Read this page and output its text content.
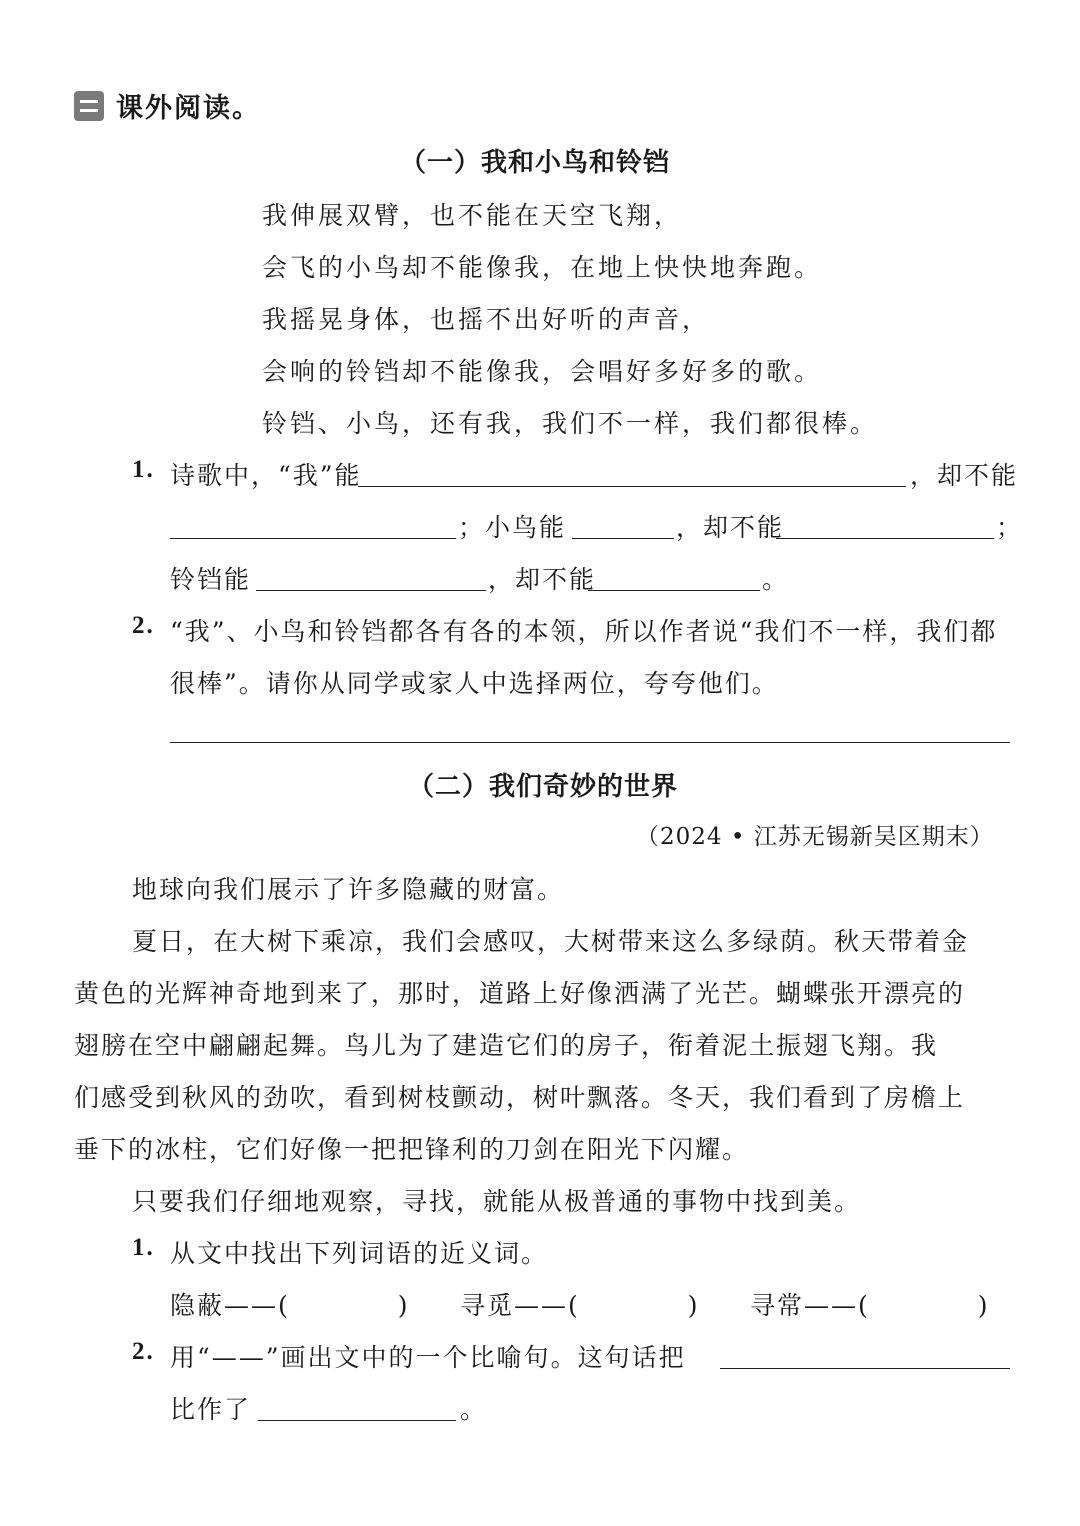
课外阅读。
（一）我和小鸟和铃铛
我伸展双臂，也不能在天空飞翔，
会飞的小鸟却不能像我，在地上快快地奔跑。
我摇晃身体，也摇不出好听的声音，
会响的铃铛却不能像我，会唱好多好多的歌。
铃铛、小鸟，还有我，我们不一样，我们都很棒。
1. 诗歌中，“我”能	，却不能
；小鸟能	，却不能	；
铃铛能	，却不能	。
2. “我”、小鸟和铃铛都各有各的本领，所以作者说“我们不一样，我们都
很棒”。请你从同学或家人中选择两位，夸夸他们。
（二）我们奇妙的世界
（2024 • 江苏无锡新吴区期末）
地球向我们展示了许多隐藏的财富。
夏日，在大树下乘凉，我们会感叹，大树带来这么多绿荫。秋天带着金
黄色的光辉神奇地到来了，那时，道路上好像洒满了光芒。蝴蝶张开漂亮的
翅膀在空中翩翩起舞。鸟儿为了建造它们的房子，衔着泥土振翅飞翔。我
们感受到秋风的劲吹，看到树枝颤动，树叶飘落。冬天，我们看到了房檐上
垂下的冰柱，它们好像一把把锋利的刀剑在阳光下闪耀。
只要我们仔细地观察，寻找，就能从极普通的事物中找到美。
1. 从文中找出下列词语的近义词。
隐蔽——(　　　　) 寻觅——(　　　　) 寻常——(　　　　)
2. 用“——”画出文中的一个比喻句。这句话把
比作了	。
